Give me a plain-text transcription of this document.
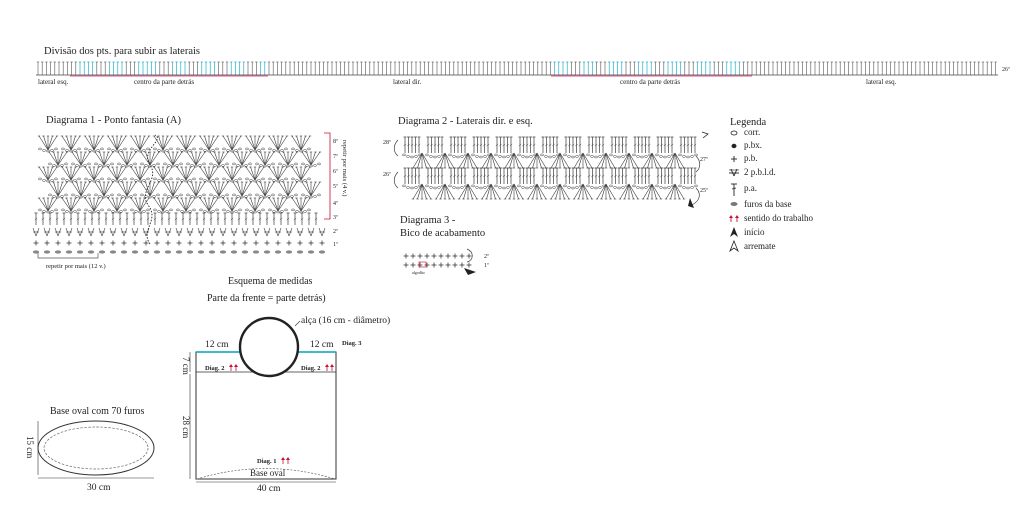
Divisão dos pts. para subir as laterais
lateral esq.	centro da parte detrás	lateral dir.	centro da parte detrás	lateral esq.
26ª
Diagrama 1 - Ponto fantasia (A)
repetir por mais (4 v.)
8ª
7ª
6ª
5ª
4ª
3ª
2ª
1ª
repetir por mais (12 v.)
Diagrama 2 - Laterais dir. e esq.
28ª
27ª
26ª
25ª
Diagrama 3 -
Bico de acabamento
2ª
1ª
algodão
Legenda
corr.
p.bx.
p.b.
2 p.b.l.d.
p.a.
furos da base
sentido do trabalho
início
arremate
Esquema de medidas
Parte da frente = parte detrás)
alça (16 cm - diâmetro)
12 cm	12 cm Diag. 3
7 cm
28 cm
Diag. 2	Diag. 2
Diag. 1
Base oval
40 cm
Base oval com 70 furos
15 cm
30 cm
